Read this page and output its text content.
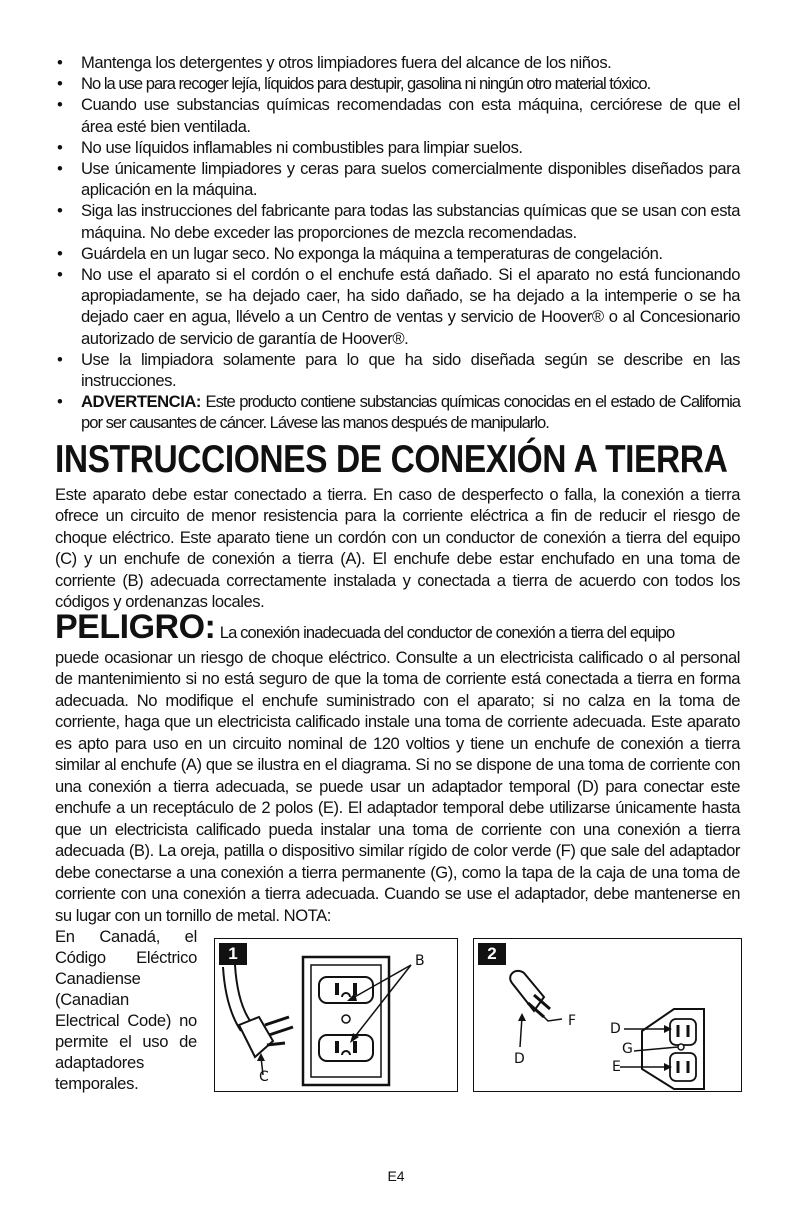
• Mantenga los detergentes y otros limpiadores fuera del alcance de los niños.
• No la use para recoger lejía, líquidos para destupir, gasolina ni ningún otro material tóxico.
• Cuando use substancias químicas recomendadas con esta máquina, cerciórese de que el área esté bien ventilada.
• No use líquidos inflamables ni combustibles para limpiar suelos.
• Use únicamente limpiadores y ceras para suelos comercialmente disponibles diseñados para aplicación en la máquina.
• Siga las instrucciones del fabricante para todas las substancias químicas que se usan con esta máquina. No debe exceder las proporciones de mezcla recomendadas.
• Guárdela en un lugar seco. No exponga la máquina a temperaturas de congelación.
• No use el aparato si el cordón o el enchufe está dañado. Si el aparato no está funcionando apropiadamente, se ha dejado caer, ha sido dañado, se ha dejado a la intemperie o se ha dejado caer en agua, llévelo a un Centro de ventas y servicio de Hoover® o al Concesionario autorizado de servicio de garantía de Hoover®.
• Use la limpiadora solamente para lo que ha sido diseñada según se describe en las instrucciones.
• ADVERTENCIA: Este producto contiene substancias químicas conocidas en el estado de California por ser causantes de cáncer. Lávese las manos después de manipularlo.
INSTRUCCIONES DE CONEXIÓN A TIERRA

Este aparato debe estar conectado a tierra. En caso de desperfecto o falla, la conexión a tierra ofrece un circuito de menor resistencia para la corriente eléctrica a fin de reducir el riesgo de choque eléctrico. Este aparato tiene un cordón con un conductor de conexión a tierra del equipo (C) y un enchufe de conexión a tierra (A). El enchufe debe estar enchufado en una toma de corriente (B) adecuada correctamente instalada y conectada a tierra de acuerdo con todos los códigos y ordenanzas locales.

PELIGRO: La conexión inadecuada del conductor de conexión a tierra del equipo

puede ocasionar un riesgo de choque eléctrico. Consulte a un electricista calificado o al personal de mantenimiento si no está seguro de que la toma de corriente está conectada a tierra en forma adecuada. No modifique el enchufe suministrado con el aparato; si no calza en la toma de corriente, haga que un electricista calificado instale una toma de corriente adecuada. Este aparato es apto para uso en un circuito nominal de 120 voltios y tiene un enchufe de conexión a tierra similar al enchufe (A) que se ilustra en el diagrama. Si no se dispone de una toma de corriente con una conexión a tierra adecuada, se puede usar un adaptador temporal (D) para conectar este enchufe a un receptáculo de 2 polos (E). El adaptador temporal debe utilizarse únicamente hasta que un electricista calificado pueda instalar una toma de corriente con una conexión a tierra adecuada (B). La oreja, patilla o dispositivo similar rígido de color verde (F) que sale del adaptador debe conectarse a una conexión a tierra permanente (G), como la tapa de la caja de una toma de corriente con una conexión a tierra adecuada. Cuando se use el adaptador, debe mantenerse en su lugar con un tornillo de metal. NOTA:

En Canadá, el Código Eléctrico Canadiense (Canadian Electrical Code) no permite el uso de adaptadores temporales.
1	B
C
2
F
D
D
G
E
E4
